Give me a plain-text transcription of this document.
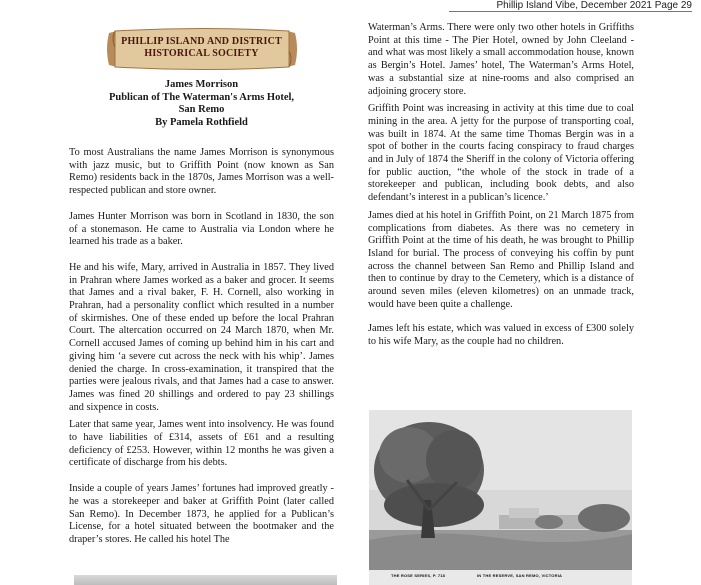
Phillip Island Vibe, December 2021 Page 29
PHILLIP ISLAND AND DISTRICT
HISTORICAL SOCIETY
James Morrison
Publican of The Waterman's Arms Hotel,
San Remo
By Pamela Rothfield

To most Australians the name James Morrison is synonymous with jazz music, but to Griffith Point (now known as San Remo) residents back in the 1870s, James Morrison was a well-respected publican and store owner.

James Hunter Morrison was born in Scotland in 1830, the son of a stonemason. He came to Australia via London where he learned his trade as a baker.

He and his wife, Mary, arrived in Australia in 1857. They lived in Prahran where James worked as a baker and grocer. It seems that James and a rival baker, F. H. Cornell, also working in Prahran, had a personality conflict which resulted in a number of skirmishes. One of these ended up before the local Prahran Court. The altercation occurred on 24 March 1870, when Mr. Cornell accused James of coming up behind him in his cart and giving him ‘a severe cut across the neck with his whip’. James denied the charge. In cross-examination, it transpired that the parties were jealous rivals, and that James had a case to answer. James was fined 20 shillings and ordered to pay 23 shillings and sixpence in costs.

Later that same year, James went into insolvency. He was found to have liabilities of £314, assets of £61 and a resulting deficiency of £253. However, within 12 months he was given a certificate of discharge from his debts.

Inside a couple of years James’ fortunes had improved greatly - he was a storekeeper and baker at Griffith Point (later called San Remo). In December 1873, he applied for a Publican’s License, for a hotel situated between the bootmaker and the draper’s stores. He called his hotel The

Waterman’s Arms. There were only two other hotels in Griffiths Point at this time - The Pier Hotel, owned by John Cleeland - and what was most likely a small accommodation house, known as Bergin’s Hotel. James’ hotel, The Waterman’s Arms Hotel, was a substantial size at nine-rooms and also comprised an adjoining grocery store.

Griffith Point was increasing in activity at this time due to coal mining in the area. A jetty for the purpose of transporting coal, was built in 1874. At the same time Thomas Bergin was in a spot of bother in the courts facing conspiracy to fraud charges and in July of 1874 the Sheriff in the colony of Victoria offering for public auction, “the whole of the stock in trade of a storekeeper and publican, including book debts, and also defendant’s interest in a publican’s licence.’

James died at his hotel in Griffith Point, on 21 March 1875 from complications from diabetes. As there was no cemetery in Griffith Point at the time of his death, he was brought to Phillip Island for burial. The process of conveying his coffin by punt across the channel between San Remo and Phillip Island and then to continue by dray to the Cemetery, which is a distance of around seven miles (eleven kilometres) on an unmade track, would have been quite a challenge.

James left his estate, which was valued in excess of £300 solely to his wife Mary, as the couple had no children.

THE ROSE SERIES, P. 718	IN THE RESERVE, SAN REMO, VICTORIA
